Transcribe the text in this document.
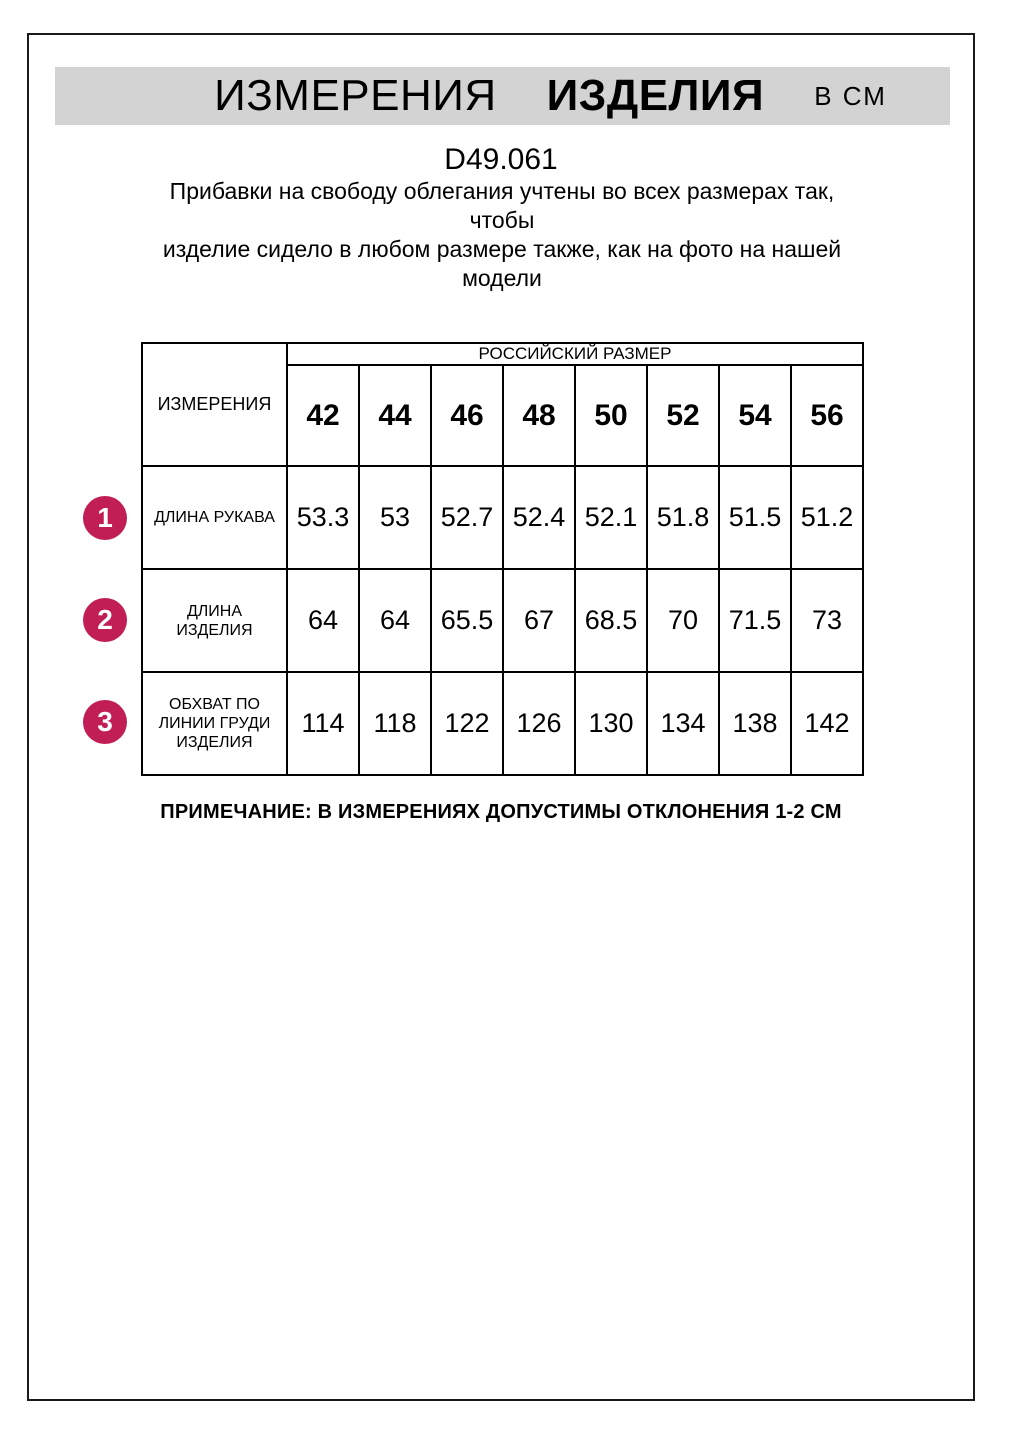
ИЗМЕРЕНИЯ ИЗДЕЛИЯ В СМ
D49.061
Прибавки на свободу облегания учтены во всех размерах так, чтобы
изделие сидело в любом размере также, как на фото на нашей
модели
ИЗМЕРЕНИЯ	РОССИЙСКИЙ РАЗМЕР							
	42	44	46	48	50	52	54	56

ДЛИНА РУКАВА	53.3	53	52.7	52.4	52.1	51.8	51.5	51.2

ДЛИНА
ИЗДЕЛИЯ	64	64	65.5	67	68.5	70	71.5	73

ОБХВАТ ПО
ЛИНИИ ГРУДИ
ИЗДЕЛИЯ	114	118	122	126	130	134	138	142
1
2
3
ПРИМЕЧАНИЕ: В ИЗМЕРЕНИЯХ ДОПУСТИМЫ ОТКЛОНЕНИЯ 1-2 СМ
